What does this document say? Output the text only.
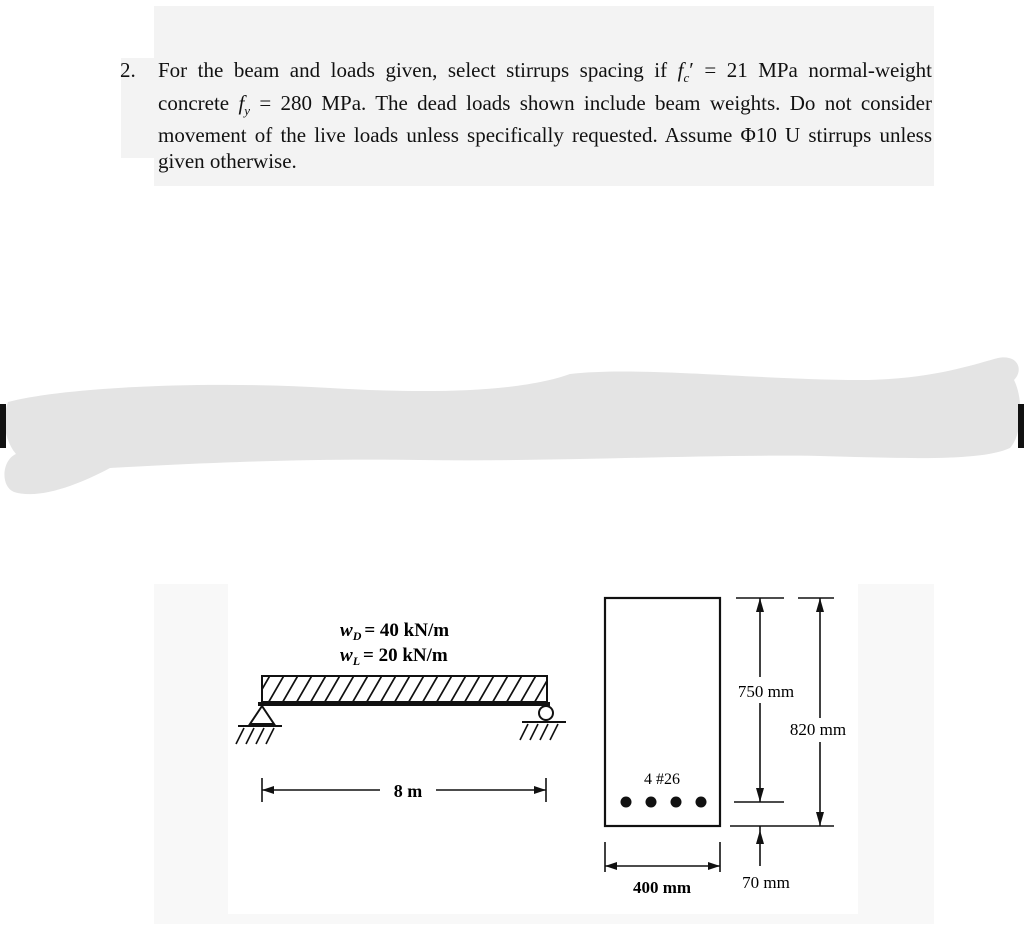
2. For the beam and loads given, select stirrups spacing if $f_c' = 21$ MPa normal-weight concrete $f_y = 280$ MPa. The dead loads shown include beam weights. Do not consider movement of the live loads unless specifically requested. Assume Φ10 U stirrups unless given otherwise.
$w_D = 40$ kN/m
$w_L = 20$ kN/m
8 m
4 #26
750 mm
820 mm
70 mm
400 mm
